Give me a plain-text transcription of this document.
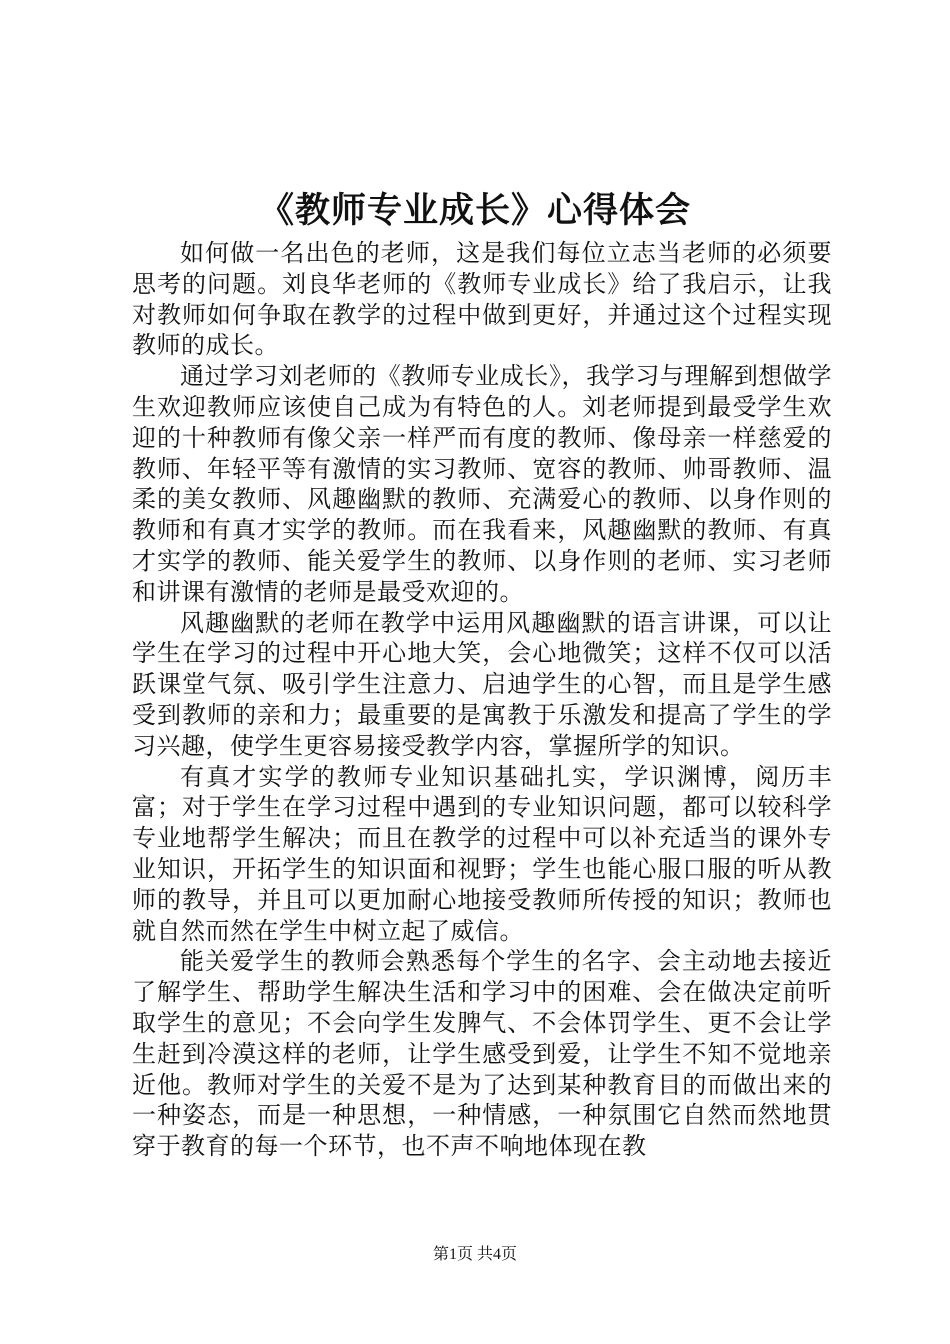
《教师专业成长》心得体会

如何做一名出色的老师，这是我们每位立志当老师的必须要思考的问题。刘良华老师的《教师专业成长》给了我启示，让我对教师如何争取在教学的过程中做到更好，并通过这个过程实现教师的成长。

通过学习刘老师的《教师专业成长》，我学习与理解到想做学生欢迎教师应该使自己成为有特色的人。刘老师提到最受学生欢迎的十种教师有像父亲一样严而有度的教师、像母亲一样慈爱的教师、年轻平等有激情的实习教师、宽容的教师、帅哥教师、温柔的美女教师、风趣幽默的教师、充满爱心的教师、以身作则的教师和有真才实学的教师。而在我看来，风趣幽默的教师、有真才实学的教师、能关爱学生的教师、以身作则的老师、实习老师和讲课有激情的老师是最受欢迎的。

风趣幽默的老师在教学中运用风趣幽默的语言讲课，可以让学生在学习的过程中开心地大笑，会心地微笑；这样不仅可以活跃课堂气氛、吸引学生注意力、启迪学生的心智，而且是学生感受到教师的亲和力；最重要的是寓教于乐激发和提高了学生的学习兴趣，使学生更容易接受教学内容，掌握所学的知识。

有真才实学的教师专业知识基础扎实，学识渊博，阅历丰富；对于学生在学习过程中遇到的专业知识问题，都可以较科学专业地帮学生解决；而且在教学的过程中可以补充适当的课外专业知识，开拓学生的知识面和视野；学生也能心服口服的听从教师的教导，并且可以更加耐心地接受教师所传授的知识；教师也就自然而然在学生中树立起了威信。

能关爱学生的教师会熟悉每个学生的名字、会主动地去接近了解学生、帮助学生解决生活和学习中的困难、会在做决定前听取学生的意见；不会向学生发脾气、不会体罚学生、更不会让学生赶到冷漠这样的老师，让学生感受到爱，让学生不知不觉地亲近他。教师对学生的关爱不是为了达到某种教育目的而做出来的一种姿态，而是一种思想，一种情感，一种氛围它自然而然地贯穿于教育的每一个环节，也不声不响地体现在教

第1页 共4页
